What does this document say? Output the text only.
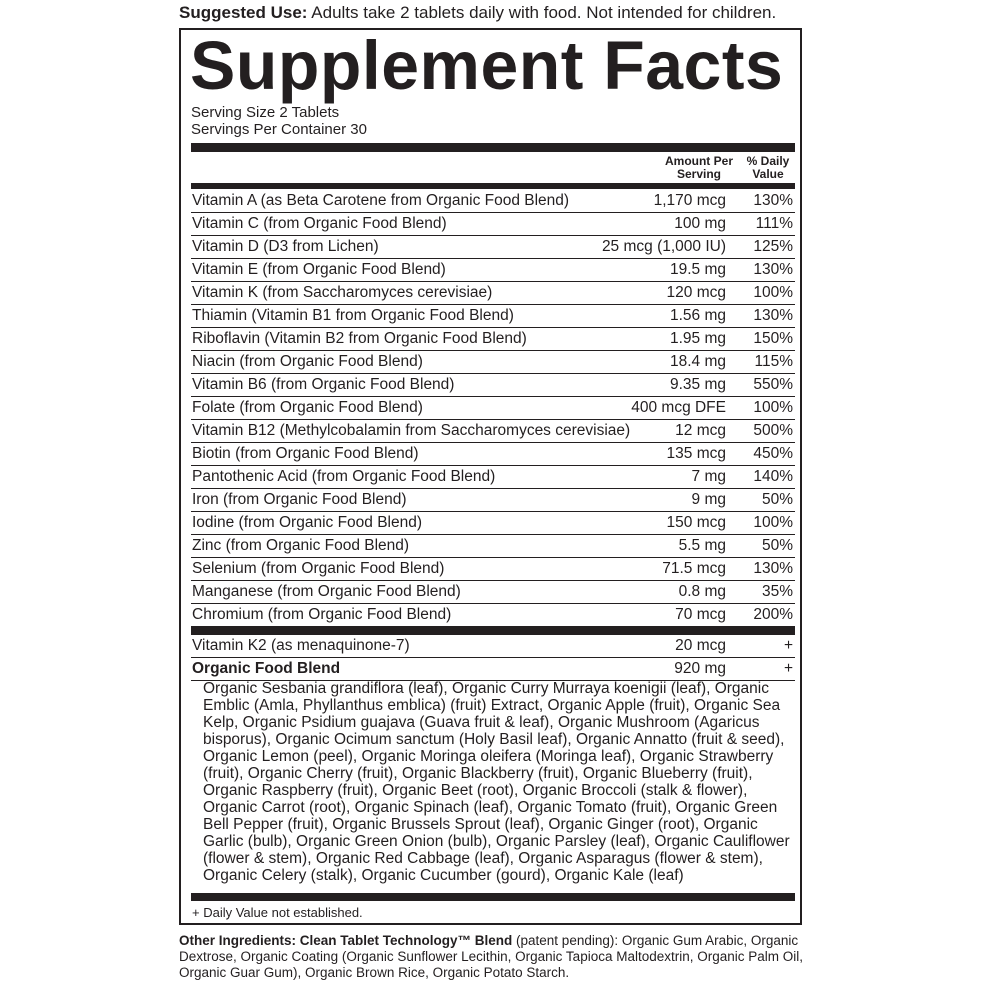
Suggested Use: Adults take 2 tablets daily with food. Not intended for children.
Supplement Facts
Serving Size 2 Tablets
Servings Per Container 30
Amount Per Serving
% Daily Value
Vitamin A (as Beta Carotene from Organic Food Blend)	1,170 mcg 130%
Vitamin C (from Organic Food Blend)	100 mg 111%
Vitamin D (D3 from Lichen)	25 mcg (1,000 IU) 125%
Vitamin E (from Organic Food Blend)	19.5 mg 130%
Vitamin K (from Saccharomyces cerevisiae)	120 mcg 100%
Thiamin (Vitamin B1 from Organic Food Blend)	1.56 mg 130%
Riboflavin (Vitamin B2 from Organic Food Blend)	1.95 mg 150%
Niacin (from Organic Food Blend)	18.4 mg 115%
Vitamin B6 (from Organic Food Blend)	9.35 mg 550%
Folate (from Organic Food Blend)	400 mcg DFE 100%
Vitamin B12 (Methylcobalamin from Saccharomyces cerevisiae)	12 mcg 500%
Biotin (from Organic Food Blend)	135 mcg 450%
Pantothenic Acid (from Organic Food Blend)	7 mg 140%
Iron (from Organic Food Blend)	9 mg 50%
Iodine (from Organic Food Blend)	150 mcg 100%
Zinc (from Organic Food Blend)	5.5 mg 50%
Selenium (from Organic Food Blend)	71.5 mcg 130%
Manganese (from Organic Food Blend)	0.8 mg 35%
Chromium (from Organic Food Blend)	70 mcg 200%
Vitamin K2 (as menaquinone-7)	20 mcg	+
Organic Food Blend	920 mg	+
Organic Sesbania grandiflora (leaf), Organic Curry Murraya koenigii (leaf), Organic Emblic (Amla, Phyllanthus emblica) (fruit) Extract, Organic Apple (fruit), Organic Sea Kelp, Organic Psidium guajava (Guava fruit & leaf), Organic Mushroom (Agaricus bisporus), Organic Ocimum sanctum (Holy Basil leaf), Organic Annatto (fruit & seed), Organic Lemon (peel), Organic Moringa oleifera (Moringa leaf), Organic Strawberry (fruit), Organic Cherry (fruit), Organic Blackberry (fruit), Organic Blueberry (fruit), Organic Raspberry (fruit), Organic Beet (root), Organic Broccoli (stalk & flower), Organic Carrot (root), Organic Spinach (leaf), Organic Tomato (fruit), Organic Green Bell Pepper (fruit), Organic Brussels Sprout (leaf), Organic Ginger (root), Organic Garlic (bulb), Organic Green Onion (bulb), Organic Parsley (leaf), Organic Cauliflower (flower & stem), Organic Red Cabbage (leaf), Organic Asparagus (flower & stem), Organic Celery (stalk), Organic Cucumber (gourd), Organic Kale (leaf)
+ Daily Value not established.
Other Ingredients: Clean Tablet Technology™ Blend (patent pending): Organic Gum Arabic, Organic Dextrose, Organic Coating (Organic Sunflower Lecithin, Organic Tapioca Maltodextrin, Organic Palm Oil, Organic Guar Gum), Organic Brown Rice, Organic Potato Starch.
